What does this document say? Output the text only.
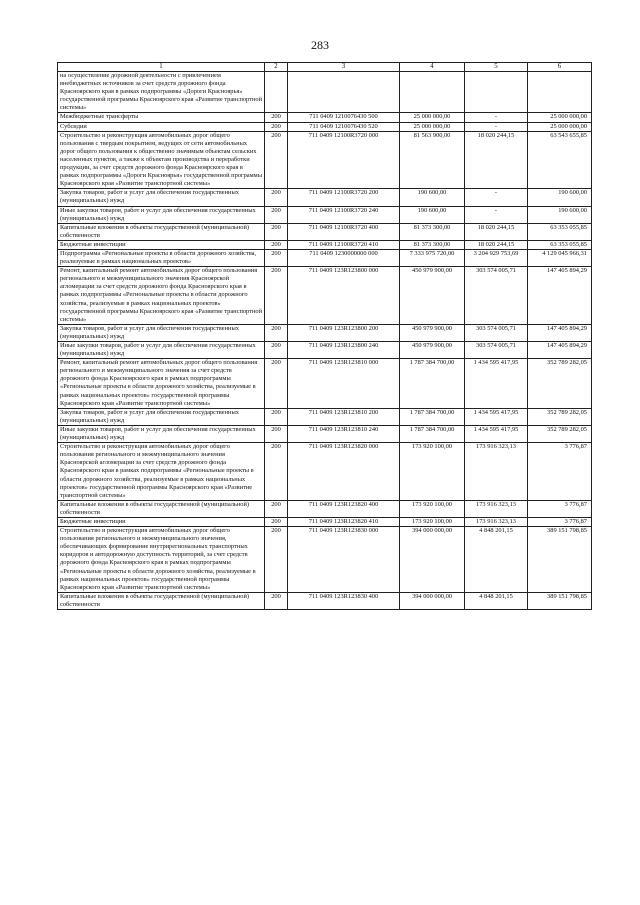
283
1	2	3	4	5	6
на осуществление дорожной деятельности с привлечением внебюджетных источников за счет средств дорожного фонда Красноярского края в рамках подпрограммы «Дороги Красноярья» государственной программы Красноярского края «Развитие транспортной системы»					
Межбюджетные трансферты	200	711 0409 1210076430 500	25 000 000,00	-	25 000 000,00
Субсидии	200	711 0409 1210076430 520	25 000 000,00	-	25 000 000,00
Строительство и реконструкция автомобильных дорог общего пользования с твердым покрытием, ведущих от сети автомобильных дорог общего пользования к общественно значимым объектам сельских населенных пунктов, а также к объектам производства и переработки продукции, за счет средств дорожного фонда Красноярского края в рамках подпрограммы «Дороги Красноярья» государственной программы Красноярского края «Развитие транспортной системы»	200	711 0409 12100R3720 000	81 563 900,00	18 020 244,15	63 543 655,85
Закупка товаров, работ и услуг для обеспечения государственных (муниципальных) нужд	200	711 0409 12100R3720 200	190 600,00	-	190 600,00
Иные закупки товаров, работ и услуг для обеспечения государственных (муниципальных) нужд	200	711 0409 12100R3720 240	190 600,00	-	190 600,00
Капитальные вложения в объекты государственной (муниципальной) собственности	200	711 0409 12100R3720 400	81 373 300,00	18 020 244,15	63 353 055,85
Бюджетные инвестиции	200	711 0409 12100R3720 410	81 373 300,00	18 020 244,15	63 353 055,85
Подпрограмма «Региональные проекты в области дорожного хозяйства, реализуемые в рамках национальных проектов»	200	711 0409 1230000000 000	7 333 975 720,00	3 204 929 753,69	4 129 045 966,31
Ремонт, капитальный ремонт автомобильных дорог общего пользования регионального и межмуниципального значения Красноярской агломерации за счет средств дорожного фонда Красноярского края в рамках подпрограммы «Региональные проекты в области дорожного хозяйства, реализуемые в рамках национальных проектов» государственной программы Красноярского края «Развитие транспортной системы»	200	711 0409 123R123800 000	450 979 900,00	303 574 005,71	147 405 894,29
Закупка товаров, работ и услуг для обеспечения государственных (муниципальных) нужд	200	711 0409 123R123800 200	450 979 900,00	303 574 005,71	147 405 894,29
Иные закупки товаров, работ и услуг для обеспечения государственных (муниципальных) нужд	200	711 0409 123R123800 240	450 979 900,00	303 574 005,71	147 405 894,29
Ремонт, капитальный ремонт автомобильных дорог общего пользования регионального и межмуниципального значения за счет средств дорожного фонда Красноярского края в рамках подпрограммы «Региональные проекты в области дорожного хозяйства, реализуемые в рамках национальных проектов» государственной программы Красноярского края «Развитие транспортной системы»	200	711 0409 123R123810 000	1 787 384 700,00	1 434 595 417,95	352 789 282,05
Закупка товаров, работ и услуг для обеспечения государственных (муниципальных) нужд	200	711 0409 123R123810 200	1 787 384 700,00	1 434 595 417,95	352 789 282,05
Иные закупки товаров, работ и услуг для обеспечения государственных (муниципальных) нужд	200	711 0409 123R123810 240	1 787 384 700,00	1 434 595 417,95	352 789 282,05
Строительство и реконструкция автомобильных дорог общего пользования регионального и межмуниципального значения Красноярской агломерации за счет средств дорожного фонда Красноярского края в рамках подпрограммы «Региональные проекты в области дорожного хозяйства, реализуемые в рамках национальных проектов» государственной программы Красноярского края «Развитие транспортной системы»	200	711 0409 123R123820 000	173 920 100,00	173 916 323,13	3 776,87
Капитальные вложения в объекты государственной (муниципальной) собственности	200	711 0409 123R123820 400	173 920 100,00	173 916 323,13	3 776,87
Бюджетные инвестиции	200	711 0409 123R123820 410	173 920 100,00	173 916 323,13	3 776,87
Строительство и реконструкция автомобильных дорог общего пользования регионального и межмуниципального значения, обеспечивающих формирование внутрирегиональных транспортных коридоров и автодорожную доступность территорий, за счет средств дорожного фонда Красноярского края в рамках подпрограммы «Региональные проекты в области дорожного хозяйства, реализуемые в рамках национальных проектов» государственной программы Красноярского края «Развитие транспортной системы»	200	711 0409 123R123830 000	394 000 000,00	4 848 201,15	389 151 798,85
Капитальные вложения в объекты государственной (муниципальной) собственности	200	711 0409 123R123830 400	394 000 000,00	4 848 201,15	389 151 798,85
